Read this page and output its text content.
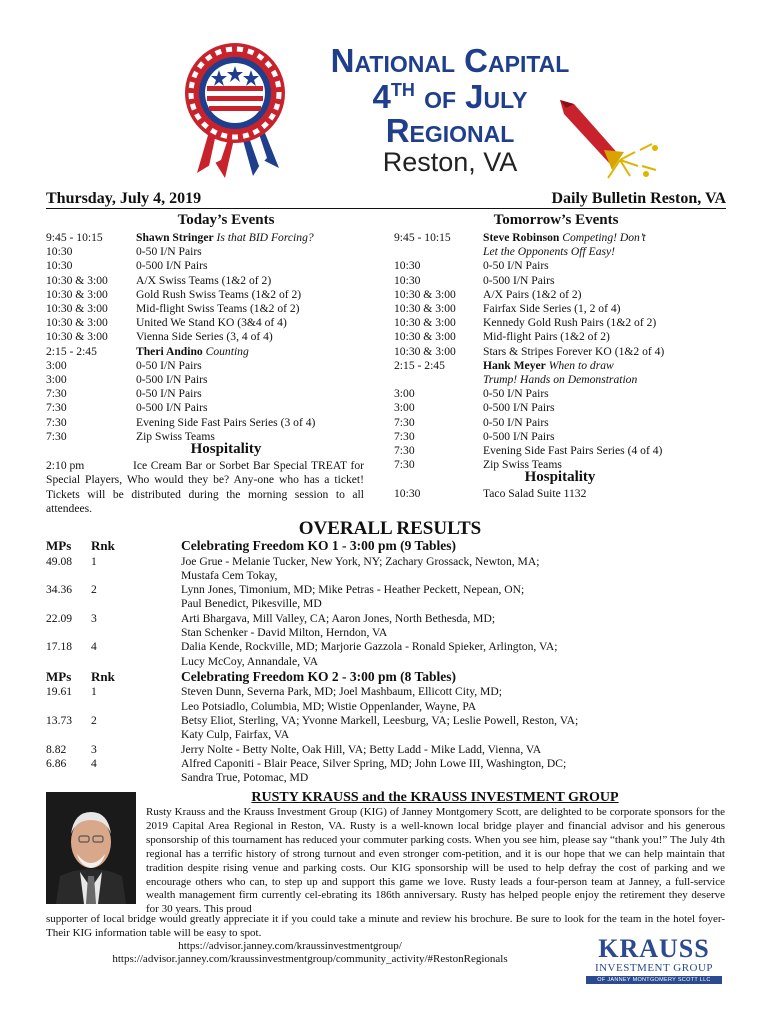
National Capital
4TH of July
Regional
Reston, VA
Thursday, July 4, 2019	Daily Bulletin Reston, VA
Today’s Events
9:45 - 10:15	Shawn Stringer Is that BID Forcing?
10:30	0-50 I/N Pairs
10:30	0-500 I/N Pairs
10:30 & 3:00 A/X Swiss Teams (1&2 of 2)
10:30 & 3:00 Gold Rush Swiss Teams (1&2 of 2)
10:30 & 3:00 Mid-flight Swiss Teams (1&2 of 2)
10:30 & 3:00 United We Stand KO (3&4 of 4)
10:30 & 3:00 Vienna Side Series (3, 4 of 4)
2:15 - 2:45	Theri Andino Counting
3:00	0-50 I/N Pairs
3:00	0-500 I/N Pairs
7:30	0-50 I/N Pairs
7:30	0-500 I/N Pairs
7:30	Evening Side Fast Pairs Series (3 of 4)
7:30	Zip Swiss Teams
Hospitality
2:10 pm	Ice Cream Bar or Sorbet Bar Special TREAT for Special Players, Who would they be? Any-one who has a ticket! Tickets will be distributed during the morning session to all attendees.
Tomorrow’s Events
9:45 - 10:15	Steve Robinson Competing! Don’t
Let the Opponents Off Easy!
10:30	0-50 I/N Pairs
10:30	0-500 I/N Pairs
10:30 & 3:00 A/X Pairs (1&2 of 2)
10:30 & 3:00 Fairfax Side Series (1, 2 of 4)
10:30 & 3:00 Kennedy Gold Rush Pairs (1&2 of 2)
10:30 & 3:00 Mid-flight Pairs (1&2 of 2)
10:30 & 3:00 Stars & Stripes Forever KO (1&2 of 4)
2:15 - 2:45	Hank Meyer When to draw
Trump! Hands on Demonstration
3:00	0-50 I/N Pairs
3:00	0-500 I/N Pairs
7:30	0-50 I/N Pairs
7:30	0-500 I/N Pairs
7:30	Evening Side Fast Pairs Series (4 of 4)
7:30	Zip Swiss Teams
Hospitality
10:30	Taco Salad Suite 1132
OVERALL RESULTS
MPs Rnk	Celebrating Freedom KO 1 - 3:00 pm (9 Tables)
49.08 1	Joe Grue - Melanie Tucker, New York, NY; Zachary Grossack, Newton, MA;
Mustafa Cem Tokay,
34.36 2	Lynn Jones, Timonium, MD; Mike Petras - Heather Peckett, Nepean, ON;
Paul Benedict, Pikesville, MD
22.09 3	Arti Bhargava, Mill Valley, CA; Aaron Jones, North Bethesda, MD;
Stan Schenker - David Milton, Herndon, VA
17.18 4	Dalia Kende, Rockville, MD; Marjorie Gazzola - Ronald Spieker, Arlington, VA;
Lucy McCoy, Annandale, VA
MPs Rnk	Celebrating Freedom KO 2 - 3:00 pm (8 Tables)
19.61 1	Steven Dunn, Severna Park, MD; Joel Mashbaum, Ellicott City, MD;
Leo Potsiadlo, Columbia, MD; Wistie Oppenlander, Wayne, PA
13.73 2	Betsy Eliot, Sterling, VA; Yvonne Markell, Leesburg, VA; Leslie Powell, Reston, VA;
Katy Culp, Fairfax, VA
8.82 3	Jerry Nolte - Betty Nolte, Oak Hill, VA; Betty Ladd - Mike Ladd, Vienna, VA
6.86 4	Alfred Caponiti - Blair Peace, Silver Spring, MD; John Lowe III, Washington, DC;
Sandra True, Potomac, MD
RUSTY KRAUSS and the KRAUSS INVESTMENT GROUP
Rusty Krauss and the Krauss Investment Group (KIG) of Janney Montgomery Scott, are delighted to be corporate sponsors for the 2019 Capital Area Regional in Reston, VA. Rusty is a well-known local bridge player and financial advisor and his generous sponsorship of this tournament has reduced your commuter parking costs. When you see him, please say “thank you!” The July 4th regional has a terrific history of strong turnout and even stronger com-petition, and it is our hope that we can help maintain that tradition despite rising venue and parking costs. Our KIG sponsorship will be used to help defray the cost of parking and we encourage others who can, to step up and support this game we love. Rusty leads a four-person team at Janney, a full-service wealth management firm currently cel-ebrating its 186th anniversary. Rusty has helped people enjoy the retirement they deserve for 30 years. This proud
supporter of local bridge would greatly appreciate it if you could take a minute and review his brochure. Be sure to look for the team in the hotel foyer- Their KIG information table will be easy to spot.
https://advisor.janney.com/kraussinvestmentgroup/
https://advisor.janney.com/kraussinvestmentgroup/community_activity/#RestonRegionals	KRAUSS
INVESTMENT GROUP
OF JANNEY MONTGOMERY SCOTT LLC
